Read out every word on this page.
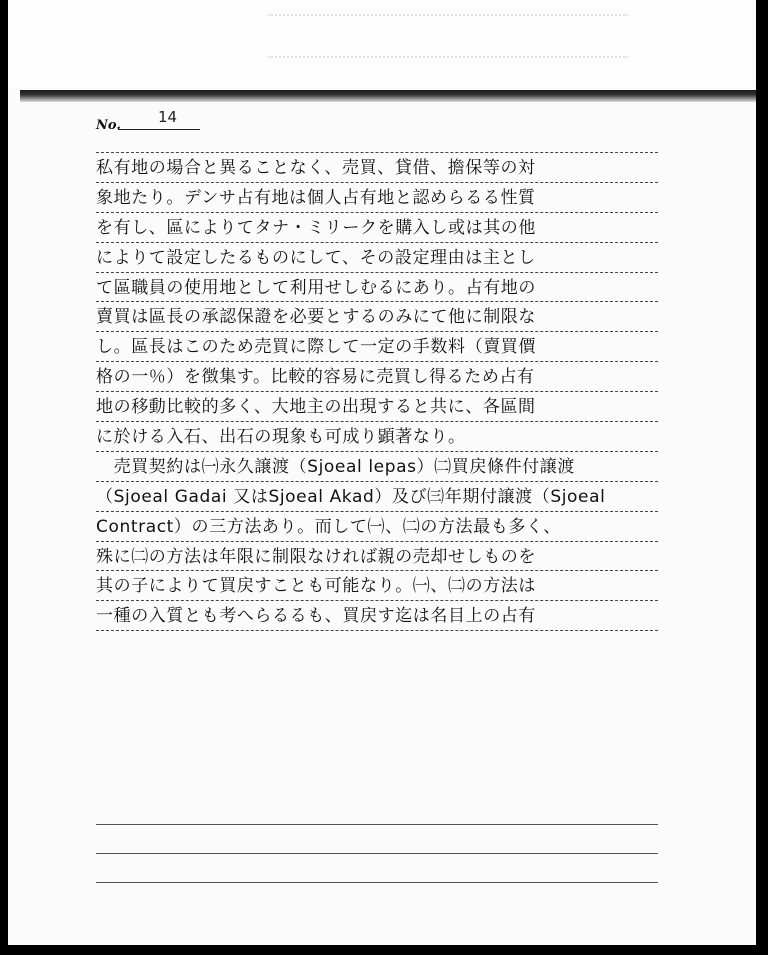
No. 14
私有地の場合と異ることなく、売買、貸借、擔保等の対
象地たり。デンサ占有地は個人占有地と認めらるる性質
を有し、區によりてタナ・ミリークを購入し或は其の他
によりて設定したるものにして、その設定理由は主とし
て區職員の使用地として利用せしむるにあり。占有地の
賣買は區長の承認保證を必要とするのみにて他に制限な
し。區長はこのため売買に際して一定の手数料（賣買價
格の一％）を徴集す。比較的容易に売買し得るため占有
地の移動比較的多く、大地主の出現すると共に、各區間
に於ける入石、出石の現象も可成り顕著なり。
　売買契約は㈠永久譲渡（Sjoeal lepas）㈡買戻條件付譲渡
（Sjoeal Gadai 又はSjoeal Akad）及び㈢年期付譲渡（Sjoeal
Contract）の三方法あり。而して㈠、㈡の方法最も多く、
殊に㈡の方法は年限に制限なければ親の売却せしものを
其の子によりて買戻すことも可能なり。㈠、㈡の方法は
一種の入質とも考へらるるも、買戻す迄は名目上の占有
